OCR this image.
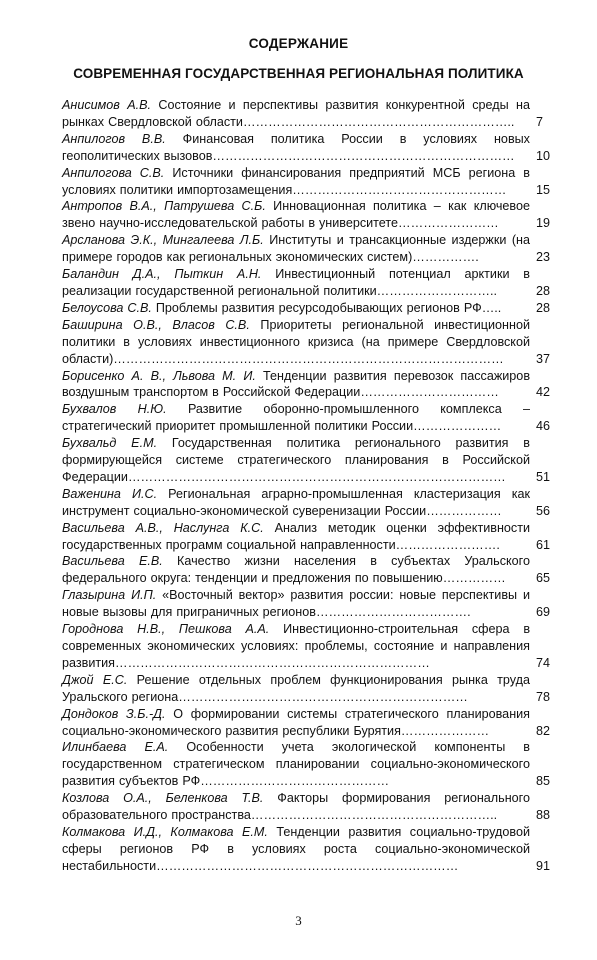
СОДЕРЖАНИЕ
СОВРЕМЕННАЯ ГОСУДАРСТВЕННАЯ РЕГИОНАЛЬНАЯ ПОЛИТИКА
Анисимов А.В. Состояние и перспективы развития конкурентной среды на рынках Свердловской области……………………………………………………….. 7
Анпилогов В.В. Финансовая политика России в условиях новых геополитических вызовов……………………………………………………………… 10
Анпилогова С.В. Источники финансирования предприятий МСБ региона в условиях политики импортозамещения…………………………………………… 15
Антропов В.А., Патрушева С.Б. Инновационная политика – как ключевое звено научно-исследовательской работы в университете……………………	19
Арсланова Э.К., Мингалеева Л.Б. Институты и трансакционные издержки (на примере городов как региональных экономических систем)…………….	23
Баландин Д.А., Пыткин А.Н. Инвестиционный потенциал арктики в реализации государственной региональной политики………………………..	28
Белоусова С.В. Проблемы развития ресурсодобывающих регионов РФ…..	28
Баширина О.В., Власов С.В. Приоритеты региональной инвестиционной политики в условиях инвестиционного кризиса (на примере Свердловской области)…………………………………………………………………………………	37
Борисенко А. В., Львова М. И. Тенденции развития перевозок пассажиров воздушным транспортом в Российской Федерации……………………………	42
Бухвалов Н.Ю. Развитие оборонно-промышленного комплекса – стратегический приоритет промышленной политики России…………………	46
Бухвальд Е.М. Государственная политика регионального развития в формирующейся системе стратегического планирования в Российской Федерации……………………………………………………………………………… 51
Важенина И.С. Региональная аграрно-промышленная кластеризация как инструмент социально-экономической суверенизации России………………	56
Васильева А.В., Наслунга К.С. Анализ методик оценки эффективности государственных программ социальной направленности…………………….	61
Васильева Е.В. Качество жизни населения в субъектах Уральского федерального округа: тенденции и предложения по повышению…………… 65
Глазырина И.П. «Восточный вектор» развития россии: новые перспективы и новые вызовы для приграничных регионов……………………………….	69
Городнова Н.В., Пешкова А.А. Инвестиционно-строительная сфера в современных экономических условиях: проблемы, состояние и направления развития…………………………………………………………………	74
Джой Е.С. Решение отдельных проблем функционирования рынка труда Уральского региона……………………………………………………………	78
Дондоков З.Б.-Д. О формировании системы стратегического планирования социально-экономического развития республики Бурятия…………………	82
Илинбаева Е.А. Особенности учета экологической компоненты в государственном стратегическом планировании социально-экономического развития субъектов РФ………………………………………	85
Козлова О.А., Беленкова Т.В. Факторы формирования регионального образовательного пространства…………………………………………………..	88
Колмакова И.Д., Колмакова Е.М. Тенденции развития социально-трудовой сферы регионов РФ в условиях роста социально-экономической нестабильности………………………………………………………………	91
3
